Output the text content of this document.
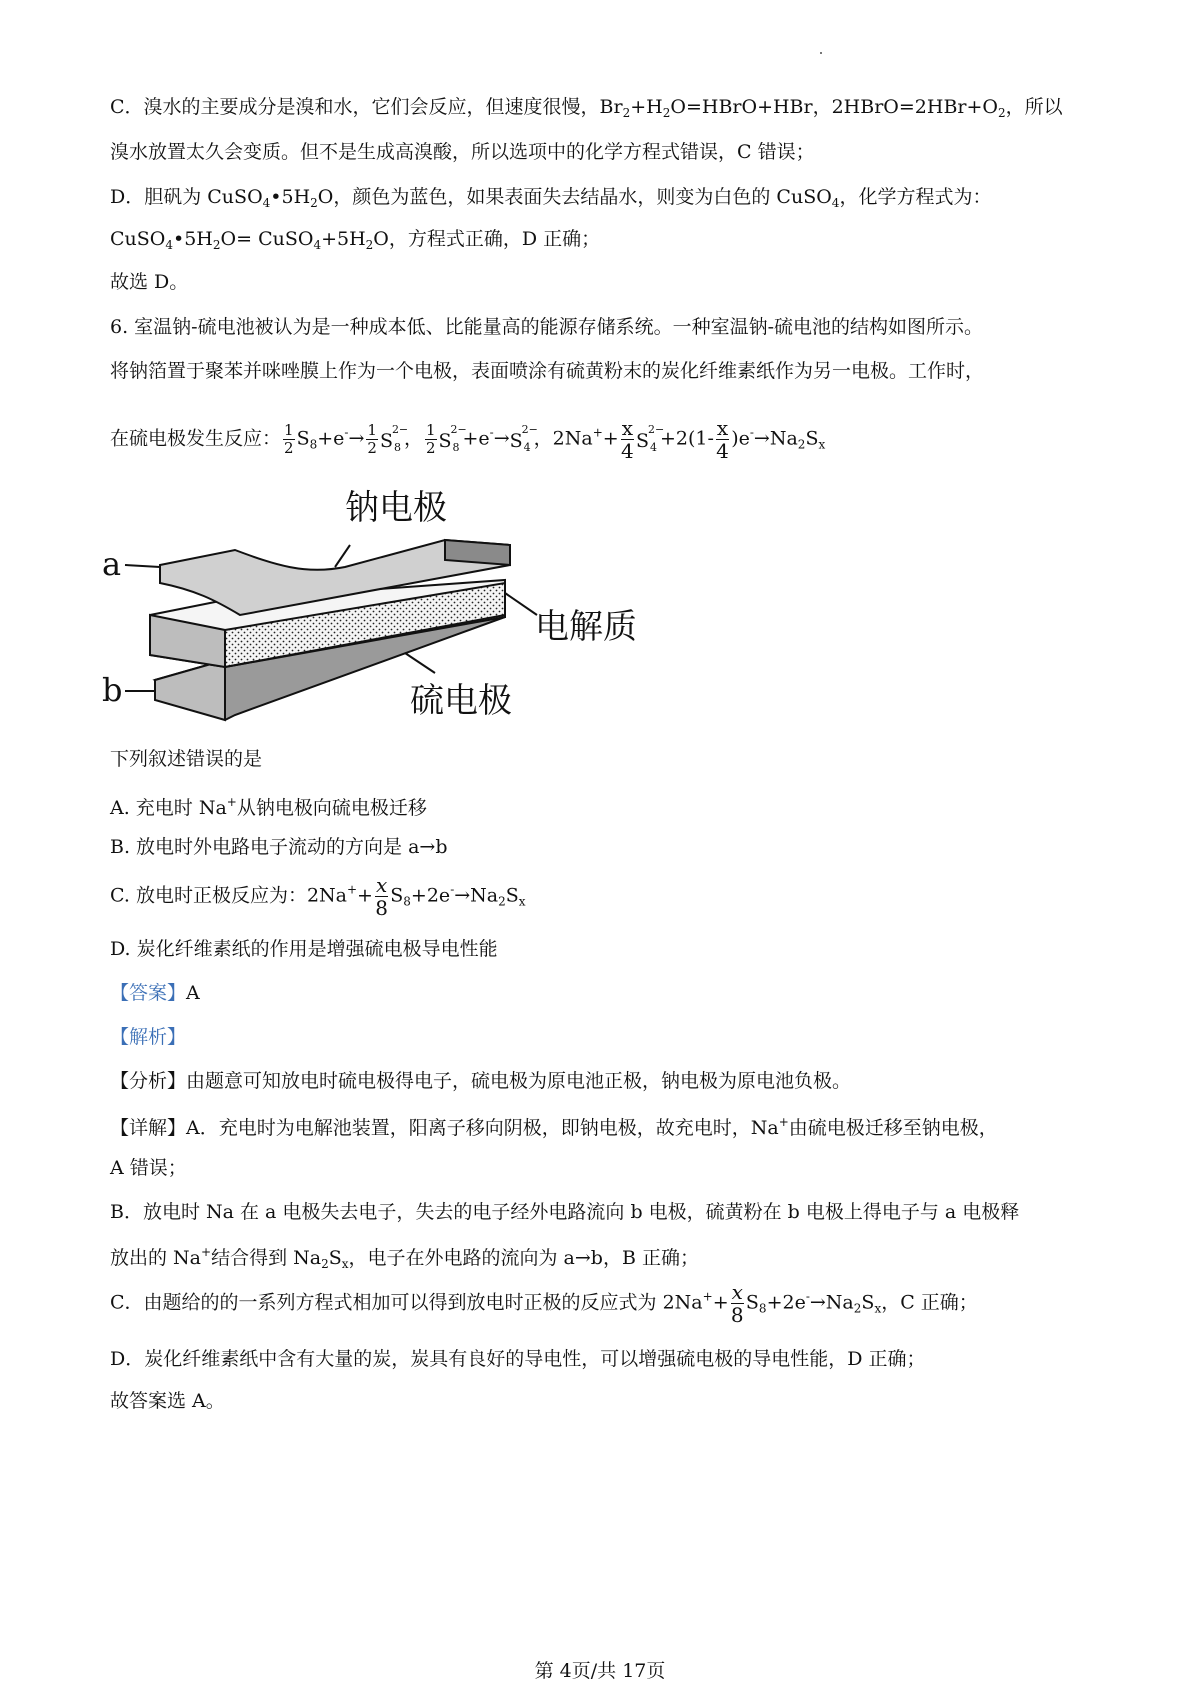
C．溴水的主要成分是溴和水，它们会反应，但速度很慢，$Br_2+H_2O=HBrO+HBr$，$2HBrO=2HBr+O_2$，所以
溴水放置太久会变质。但不是生成高溴酸，所以选项中的化学方程式错误，C 错误；
D．胆矾为 $CuSO_4•5H_2O$，颜色为蓝色，如果表面失去结晶水，则变为白色的 CuSO$_4$，化学方程式为：
$CuSO_4•5H_2O=$ $CuSO_4+5H_2O$，方程式正确，D 正确；
故选 D。
6. 室温钠-硫电池被认为是一种成本低、比能量高的能源存储系统。一种室温钠-硫电池的结构如图所示。
将钠箔置于聚苯并咪唑膜上作为一个电极，表面喷涂有硫黄粉末的炭化纤维素纸作为另一电极。工作时，
在硫电极发生反应： $\frac{1}{2} S_8+e^-\to \frac{1}{2}$ S
2−
8 ， $\frac{1}{2}$ S
2−
8 +e-→ S
2−
4 ，$2Na^++ \frac{x}{4}$ S
2−
$4 +2(1- \frac{x}{4} )e^-\to Na_2S_x$
钠电极
电解质
硫电极
a
b
下列叙述错误的是
A. 充电时 Na+从钠电极向硫电极迁移
B. 放电时外电路电子流动的方向是 a→b
C. 放电时正极反应为：$2Na^++ \frac{x}{8} S_8+2e^-\to Na_2S_x$
D. 炭化纤维素纸的作用是增强硫电极导电性能
【答案】A
【解析】
【分析】由题意可知放电时硫电极得电子，硫电极为原电池正极，钠电极为原电池负极。
【详解】A．充电时为电解池装置，阳离子移向阴极，即钠电极，故充电时，Na+由硫电极迁移至钠电极，
A 错误；
B．放电时 Na 在 a 电极失去电子，失去的电子经外电路流向 b 电极，硫黄粉在 b 电极上得电子与 a 电极释
放出的 Na+结合得到 $Na_2S_x$，电子在外电路的流向为 a→b，B 正确；
C．由题给的的一系列方程式相加可以得到放电时正极的反应式为 $2Na^++ \frac{x}{8} S_8+2e^-\to Na_2S_x$，C 正确；
D．炭化纤维素纸中含有大量的炭，炭具有良好的导电性，可以增强硫电极的导电性能，D 正确；
故答案选 A。
第 4页/共 17页
